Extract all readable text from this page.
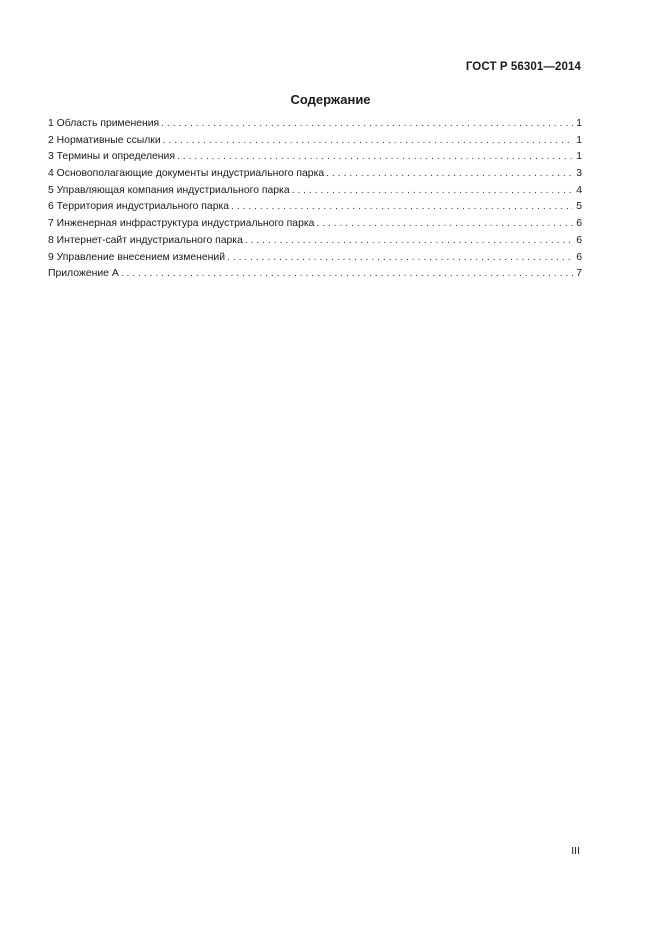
ГОСТ Р 56301—2014
Содержание
1 Область применения . . .	1
2 Нормативные ссылки . . .	1
3 Термины и определения . . .	1
4 Основополагающие документы индустриального парка . . .	3
5 Управляющая компания индустриального парка . . .	4
6 Территория индустриального парка . . .	5
7 Инженерная инфраструктура индустриального парка . . .	6
8 Интернет-сайт индустриального парка . . .	6
9 Управление внесением изменений . . .	6
Приложение А . . .	7
III
